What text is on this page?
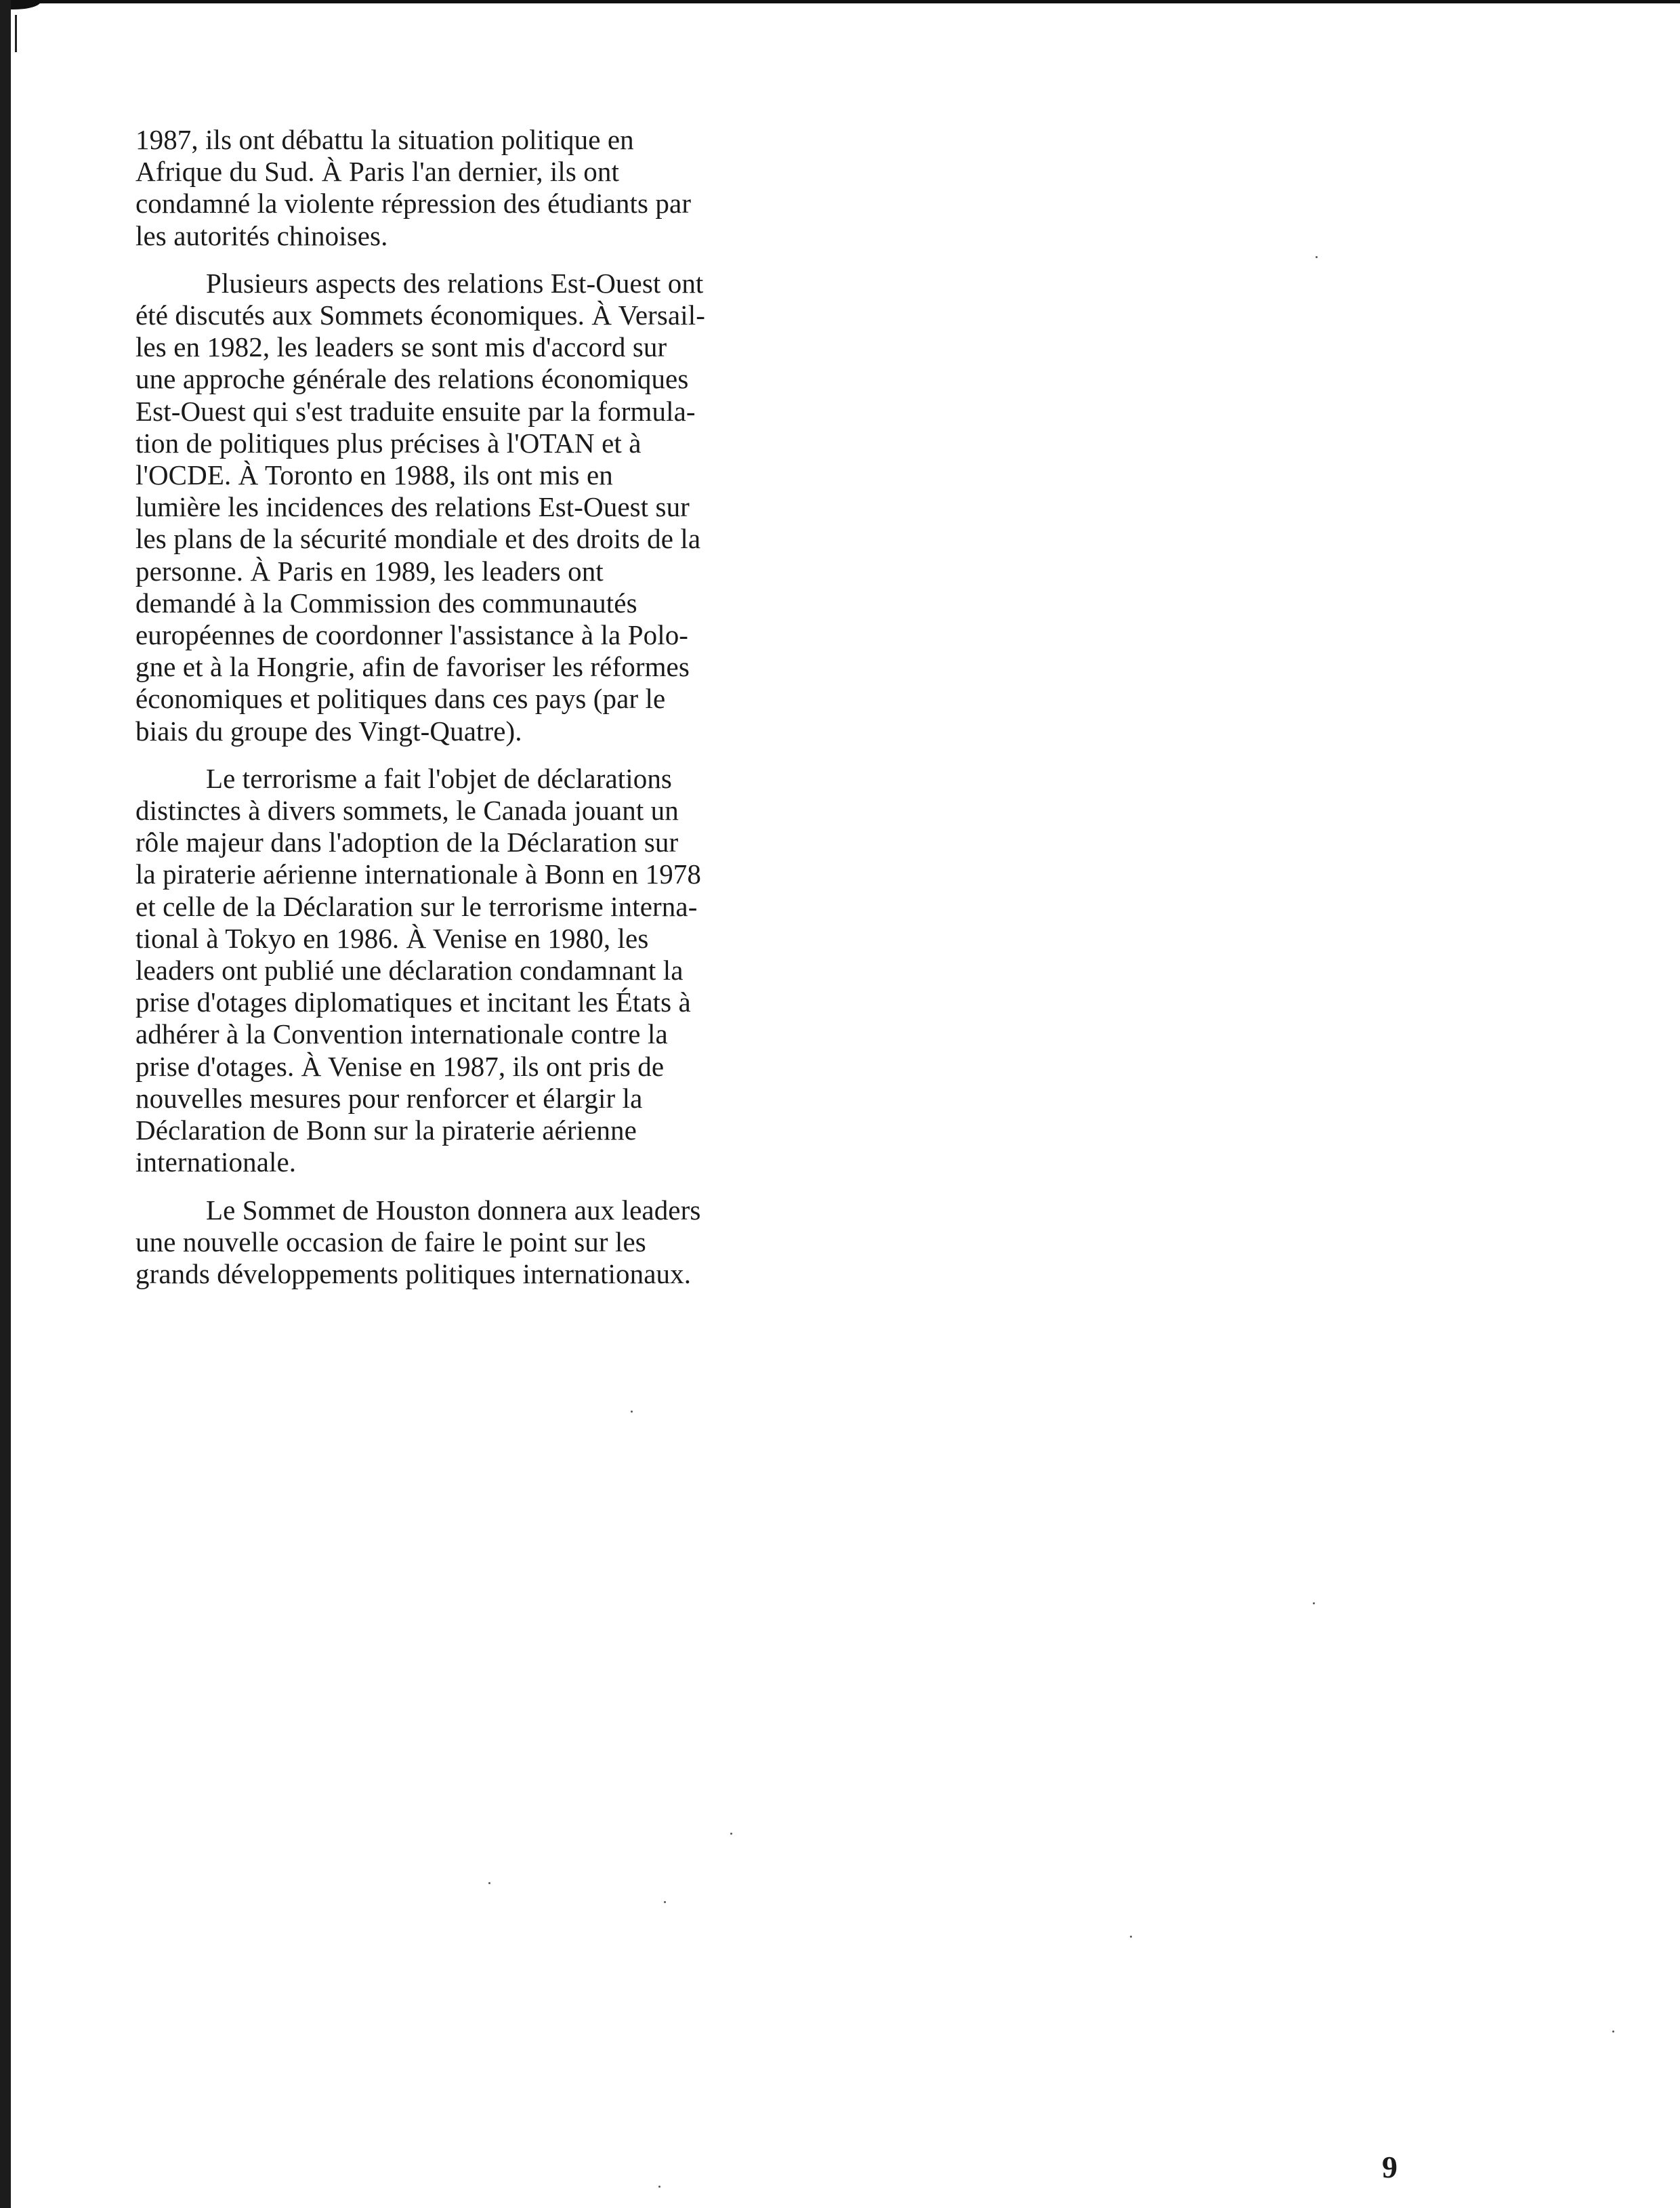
1987, ils ont débattu la situation politique en
Afrique du Sud. À Paris l'an dernier, ils ont
condamné la violente répression des étudiants par
les autorités chinoises.

Plusieurs aspects des relations Est-Ouest ont
été discutés aux Sommets économiques. À Versail-
les en 1982, les leaders se sont mis d'accord sur
une approche générale des relations économiques
Est-Ouest qui s'est traduite ensuite par la formula-
tion de politiques plus précises à l'OTAN et à
l'OCDE. À Toronto en 1988, ils ont mis en
lumière les incidences des relations Est-Ouest sur
les plans de la sécurité mondiale et des droits de la
personne. À Paris en 1989, les leaders ont
demandé à la Commission des communautés
européennes de coordonner l'assistance à la Polo-
gne et à la Hongrie, afin de favoriser les réformes
économiques et politiques dans ces pays (par le
biais du groupe des Vingt-Quatre).

Le terrorisme a fait l'objet de déclarations
distinctes à divers sommets, le Canada jouant un
rôle majeur dans l'adoption de la Déclaration sur
la piraterie aérienne internationale à Bonn en 1978
et celle de la Déclaration sur le terrorisme interna-
tional à Tokyo en 1986. À Venise en 1980, les
leaders ont publié une déclaration condamnant la
prise d'otages diplomatiques et incitant les États à
adhérer à la Convention internationale contre la
prise d'otages. À Venise en 1987, ils ont pris de
nouvelles mesures pour renforcer et élargir la
Déclaration de Bonn sur la piraterie aérienne
internationale.

Le Sommet de Houston donnera aux leaders
une nouvelle occasion de faire le point sur les
grands développements politiques internationaux.

9
